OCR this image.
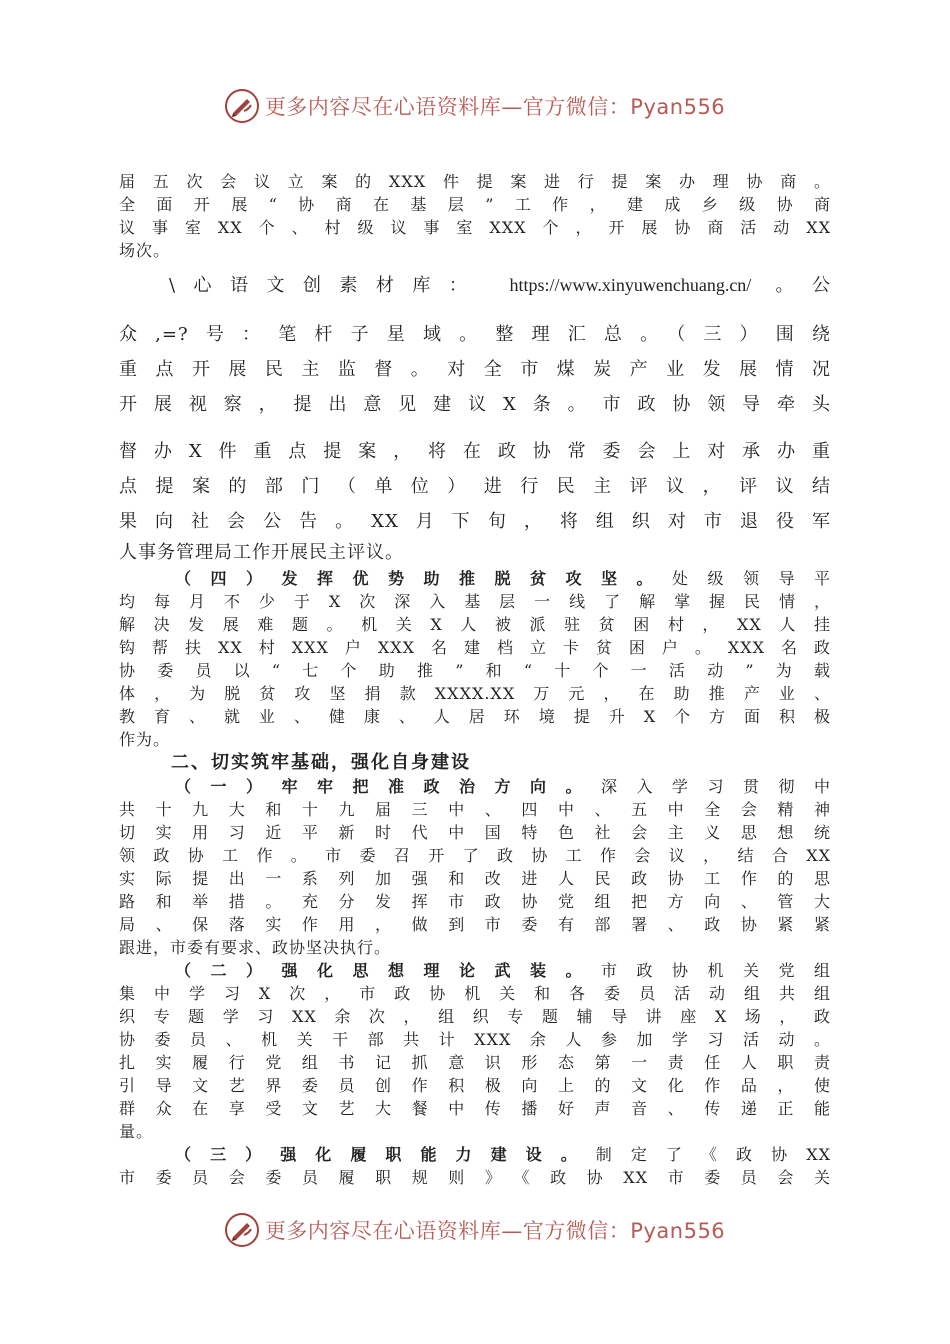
更多内容尽在心语资料库—官方微信：Pyan556
届五次会议立案的XXX件提案进行提案办理协商。
全面开展“协商在基层”工作，建成乡级协商
议事室XX个、村级议事室XXX个，开展协商活动XX
场次。
\心语文创素材库： https://www.xinyuwenchuang.cn/ 。公
众,=?号：笔杆子星域。整理汇总。（三）围绕
重点开展民主监督。对全市煤炭产业发展情况
开展视察，提出意见建议X条。市政协领导牵头
督办X件重点提案，将在政协常委会上对承办重
点提案的部门（单位）进行民主评议，评议结
果向社会公告。XX月下旬，将组织对市退役军
人事务管理局工作开展民主评议。
（四）发挥优势助推脱贫攻坚。处级领导平
均每月不少于X次深入基层一线了解掌握民情，
解决发展难题。机关X人被派驻贫困村，XX人挂
钩帮扶XX村XXX户XXX名建档立卡贫困户。XXX名政
协委员以“七个助推”和“十个一活动”为载
体，为脱贫攻坚捐款XXXX.XX万元，在助推产业、
教育、就业、健康、人居环境提升X个方面积极
作为。
二、切实筑牢基础，强化自身建设
（一）牢牢把准政治方向。深入学习贯彻中
共十九大和十九届三中、四中、五中全会精神
切实用习近平新时代中国特色社会主义思想统
领政协工作。市委召开了政协工作会议，结合XX
实际提出一系列加强和改进人民政协工作的思
路和举措。充分发挥市政协党组把方向、管大
局、保落实作用，做到市委有部署、政协紧紧
跟进，市委有要求、政协坚决执行。
（二）强化思想理论武装。市政协机关党组
集中学习X次，市政协机关和各委员活动组共组
织专题学习XX余次，组织专题辅导讲座X场，政
协委员、机关干部共计XXX余人参加学习活动。
扎实履行党组书记抓意识形态第一责任人职责
引导文艺界委员创作积极向上的文化作品，使
群众在享受文艺大餐中传播好声音、传递正能
量。
（三）强化履职能力建设。制定了《政协XX
市委员会委员履职规则》《政协XX市委员会关
更多内容尽在心语资料库—官方微信：Pyan556
